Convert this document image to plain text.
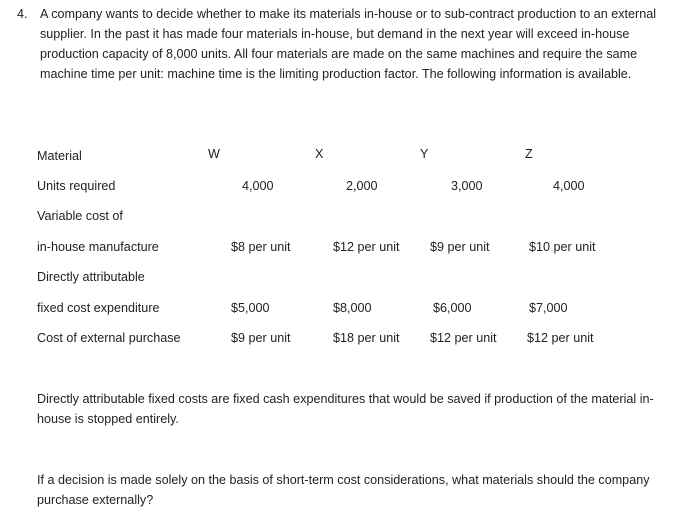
4. A company wants to decide whether to make its materials in-house or to sub-contract production to an external supplier. In the past it has made four materials in-house, but demand in the next year will exceed in-house production capacity of 8,000 units. All four materials are made on the same machines and require the same machine time per unit: machine time is the limiting production factor. The following information is available.

Material	W	X	Y	Z
Units required	4,000	2,000	3,000	4,000
Variable cost of
in-house manufacture	$8 per unit	$12 per unit $9 per unit	$10 per unit
Directly attributable
fixed cost expenditure	$5,000	$8,000	$6,000	$7,000
Cost of external purchase	$9 per unit	$18 per unit $12 per unit $12 per unit

Directly attributable fixed costs are fixed cash expenditures that would be saved if production of the material in-house is stopped entirely.

If a decision is made solely on the basis of short-term cost considerations, what materials should the company purchase externally?
